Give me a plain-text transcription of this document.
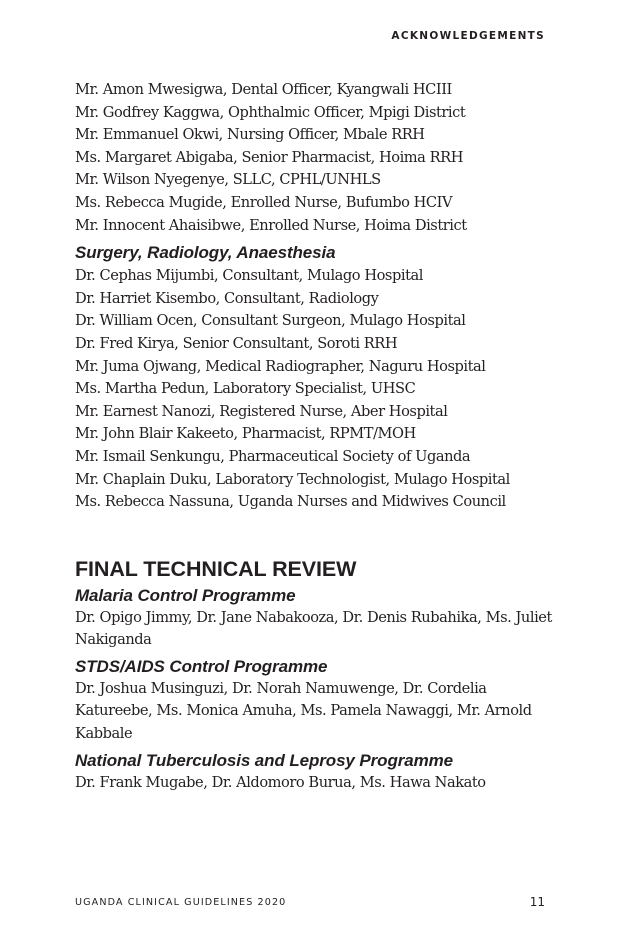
ACKNOWLEDGEMENTS
Mr. Amon Mwesigwa, Dental Officer, Kyangwali HCIII
Mr. Godfrey Kaggwa, Ophthalmic Officer, Mpigi District
Mr. Emmanuel Okwi, Nursing Officer, Mbale RRH
Ms. Margaret Abigaba, Senior Pharmacist, Hoima RRH
Mr. Wilson Nyegenye, SLLC, CPHL/UNHLS
Ms. Rebecca Mugide, Enrolled Nurse, Bufumbo HCIV
Mr. Innocent Ahaisibwe, Enrolled Nurse, Hoima District
Surgery, Radiology, Anaesthesia
Dr. Cephas Mijumbi, Consultant, Mulago Hospital
Dr. Harriet Kisembo, Consultant, Radiology
Dr. William Ocen, Consultant Surgeon, Mulago Hospital
Dr. Fred Kirya, Senior Consultant, Soroti RRH
Mr. Juma Ojwang, Medical Radiographer, Naguru Hospital
Ms. Martha Pedun, Laboratory Specialist, UHSC
Mr. Earnest Nanozi, Registered Nurse, Aber Hospital
Mr. John Blair Kakeeto, Pharmacist, RPMT/MOH
Mr. Ismail Senkungu, Pharmaceutical Society of Uganda
Mr. Chaplain Duku, Laboratory Technologist, Mulago Hospital
Ms. Rebecca Nassuna, Uganda Nurses and Midwives Council
FINAL TECHNICAL REVIEW
Malaria Control Programme
Dr. Opigo Jimmy, Dr. Jane Nabakooza, Dr. Denis Rubahika, Ms. Juliet Nakiganda
STDS/AIDS Control Programme
Dr. Joshua Musinguzi, Dr. Norah Namuwenge, Dr. Cordelia Katureebe, Ms. Monica Amuha, Ms. Pamela Nawaggi, Mr. Arnold Kabbale
National Tuberculosis and Leprosy Programme
Dr. Frank Mugabe, Dr. Aldomoro Burua, Ms. Hawa Nakato
UGANDA CLINICAL GUIDELINES 2020	11
